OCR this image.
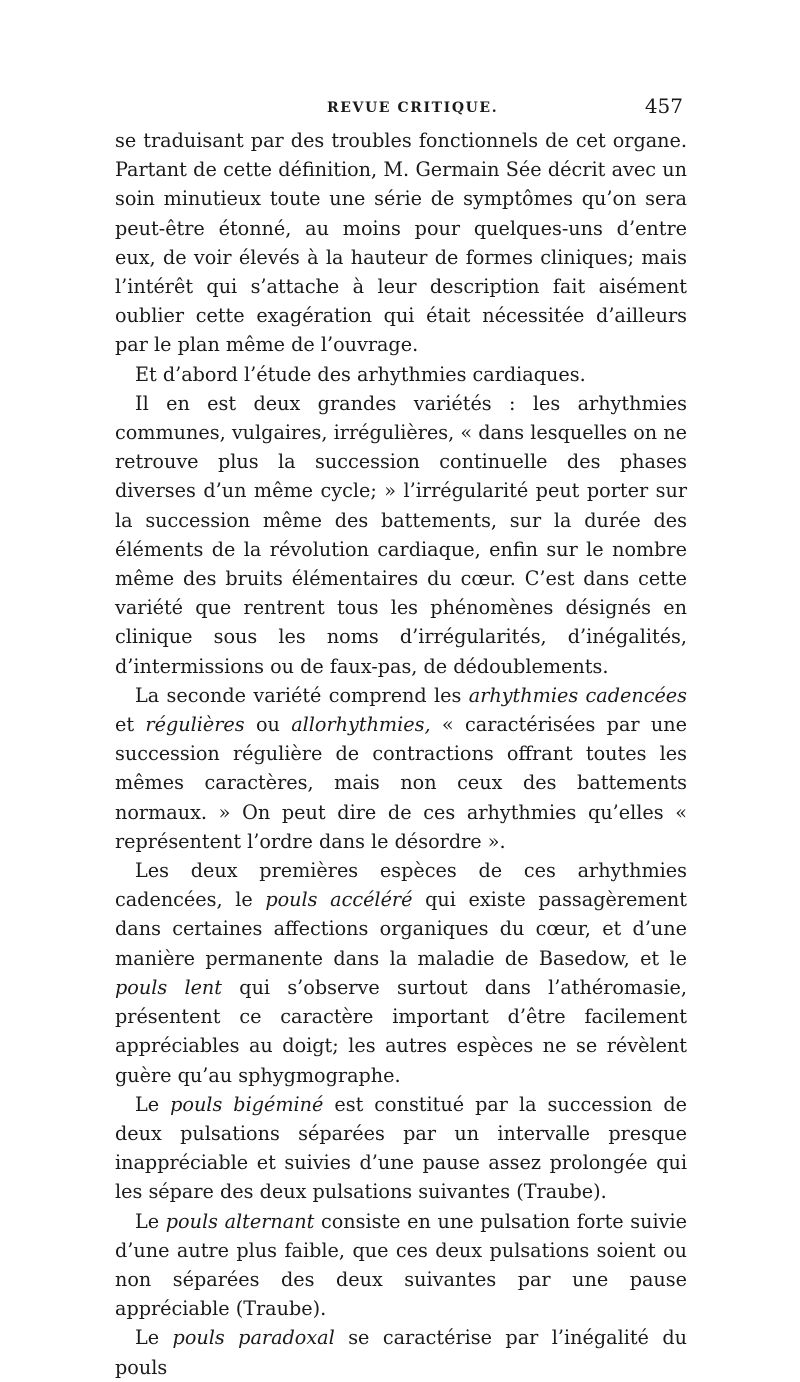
REVUE CRITIQUE.	457

se traduisant par des troubles fonctionnels de cet organe. Partant de cette définition, M. Germain Sée décrit avec un soin minutieux toute une série de symptômes qu’on sera peut-être étonné, au moins pour quelques-uns d’entre eux, de voir élevés à la hauteur de formes cliniques; mais l’intérêt qui s’attache à leur description fait aisément oublier cette exagération qui était nécessitée d’ailleurs par le plan même de l’ouvrage.

Et d’abord l’étude des arhythmies cardiaques.

Il en est deux grandes variétés : les arhythmies communes, vulgaires, irrégulières, « dans lesquelles on ne retrouve plus la succession continuelle des phases diverses d’un même cycle; » l’irrégularité peut porter sur la succession même des battements, sur la durée des éléments de la révolution cardiaque, enfin sur le nombre même des bruits élémentaires du cœur. C’est dans cette variété que rentrent tous les phénomènes désignés en clinique sous les noms d’irrégularités, d’inégalités, d’intermissions ou de faux-pas, de dédoublements.

La seconde variété comprend les arhythmies cadencées et régulières ou allorhythmies, « caractérisées par une succession régulière de contractions offrant toutes les mêmes caractères, mais non ceux des battements normaux. » On peut dire de ces arhythmies qu’elles « représentent l’ordre dans le désordre ».

Les deux premières espèces de ces arhythmies cadencées, le pouls accéléré qui existe passagèrement dans certaines affections organiques du cœur, et d’une manière permanente dans la maladie de Basedow, et le pouls lent qui s’observe surtout dans l’athéromasie, présentent ce caractère important d’être facilement appréciables au doigt; les autres espèces ne se révèlent guère qu’au sphygmographe.

Le pouls bigéminé est constitué par la succession de deux pulsations séparées par un intervalle presque inappréciable et suivies d’une pause assez prolongée qui les sépare des deux pulsations suivantes (Traube).

Le pouls alternant consiste en une pulsation forte suivie d’une autre plus faible, que ces deux pulsations soient ou non séparées des deux suivantes par une pause appréciable (Traube).

Le pouls paradoxal se caractérise par l’inégalité du pouls
